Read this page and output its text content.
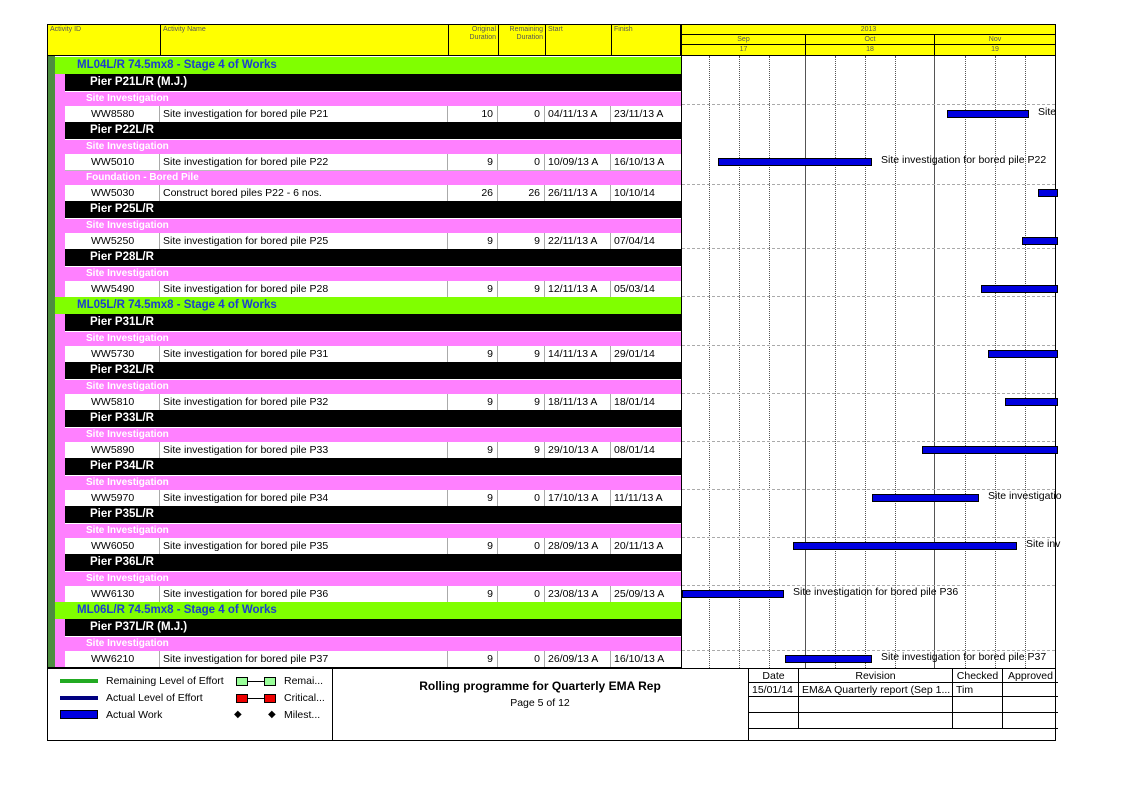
Activity ID	Activity Name	Original Duration
Remaining Duration
Start	Finish	2013
Sep	Oct	Nov
17	18	19
ML04L/R 74.5mx8 - Stage 4 of Works
Pier P21L/R (M.J.)
Site Investigation
WW8580	Site investigation for bored pile P21	10	0 04/11/13 A	23/11/13 A
Pier P22L/R
Site Investigation
WW5010	Site investigation for bored pile P22	9	0 10/09/13 A	16/10/13 A
Foundation - Bored Pile
WW5030	Construct bored piles P22 - 6 nos.	26	26 26/11/13 A	10/10/14
Pier P25L/R
Site Investigation
WW5250	Site investigation for bored pile P25	9	9 22/11/13 A	07/04/14
Pier P28L/R
Site Investigation
WW5490	Site investigation for bored pile P28	9	9 12/11/13 A	05/03/14
ML05L/R 74.5mx8 - Stage 4 of Works
Pier P31L/R
Site Investigation
WW5730	Site investigation for bored pile P31	9	9 14/11/13 A	29/01/14
Pier P32L/R
Site Investigation
WW5810	Site investigation for bored pile P32	9	9 18/11/13 A	18/01/14
Pier P33L/R
Site Investigation
WW5890	Site investigation for bored pile P33	9	9 29/10/13 A	08/01/14
Pier P34L/R
Site Investigation
WW5970	Site investigation for bored pile P34	9	0 17/10/13 A	11/11/13 A
Pier P35L/R
Site Investigation
WW6050	Site investigation for bored pile P35	9	0 28/09/13 A	20/11/13 A
Pier P36L/R
Site Investigation
WW6130	Site investigation for bored pile P36	9	0 23/08/13 A	25/09/13 A
ML06L/R 74.5mx8 - Stage 4 of Works
Pier P37L/R (M.J.)
Site Investigation
WW6210	Site investigation for bored pile P37	9	0 26/09/13 A	16/10/13 A
Site
Site investigation for bored pile P22
Site investigatio
Site inv
Site investigation for bored pile P36
Site investigation for bored pile P37
Remaining Level of Effort
Actual Level of Effort
Actual Work
Remai...
Critical...
◆	◆ Milest...
Rolling programme for Quarterly EMA Rep
Page 5 of 12
Date	Revision	Checked Approved
15/01/14 EM&A Quarterly report (Sep 1... Tim
